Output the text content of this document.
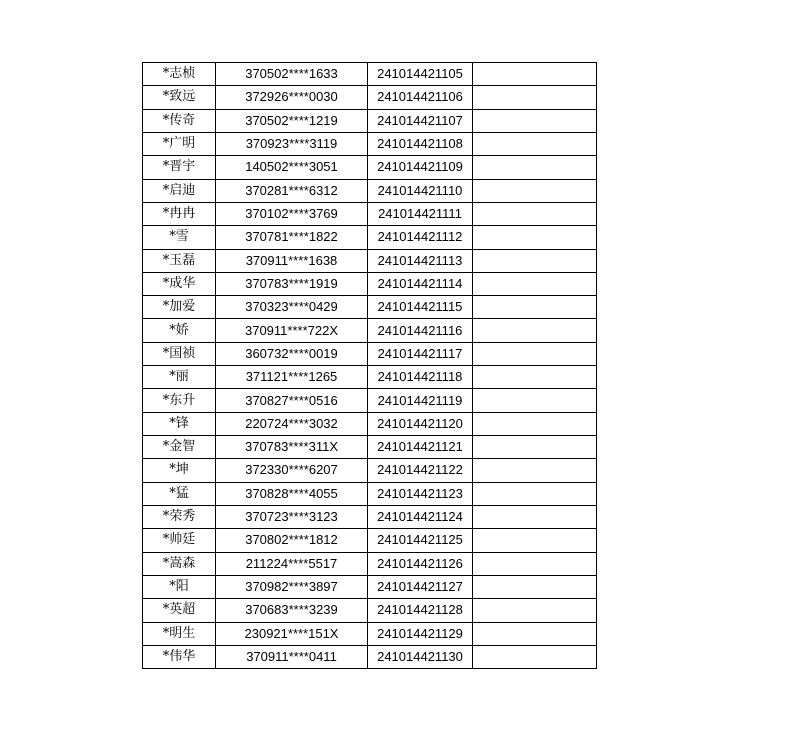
*志桢	370502****1633	241014421105	
*致远	372926****0030	241014421106	
*传奇	370502****1219	241014421107	
*广明	370923****3119	241014421108	
*晋宇	140502****3051	241014421109	
*启迪	370281****6312	241014421110	
*冉冉	370102****3769	241014421111	
*雪	370781****1822	241014421112	
*玉磊	370911****1638	241014421113	
*成华	370783****1919	241014421114	
*加爱	370323****0429	241014421115	
*娇	370911****722X	241014421116	
*国祯	360732****0019	241014421117	
*丽	371121****1265	241014421118	
*东升	370827****0516	241014421119	
*锋	220724****3032	241014421120	
*金智	370783****311X	241014421121	
*坤	372330****6207	241014421122	
*猛	370828****4055	241014421123	
*荣秀	370723****3123	241014421124	
*帅廷	370802****1812	241014421125	
*嵩森	211224****5517	241014421126	
*阳	370982****3897	241014421127	
*英超	370683****3239	241014421128	
*明生	230921****151X	241014421129	
*伟华	370911****0411	241014421130	
